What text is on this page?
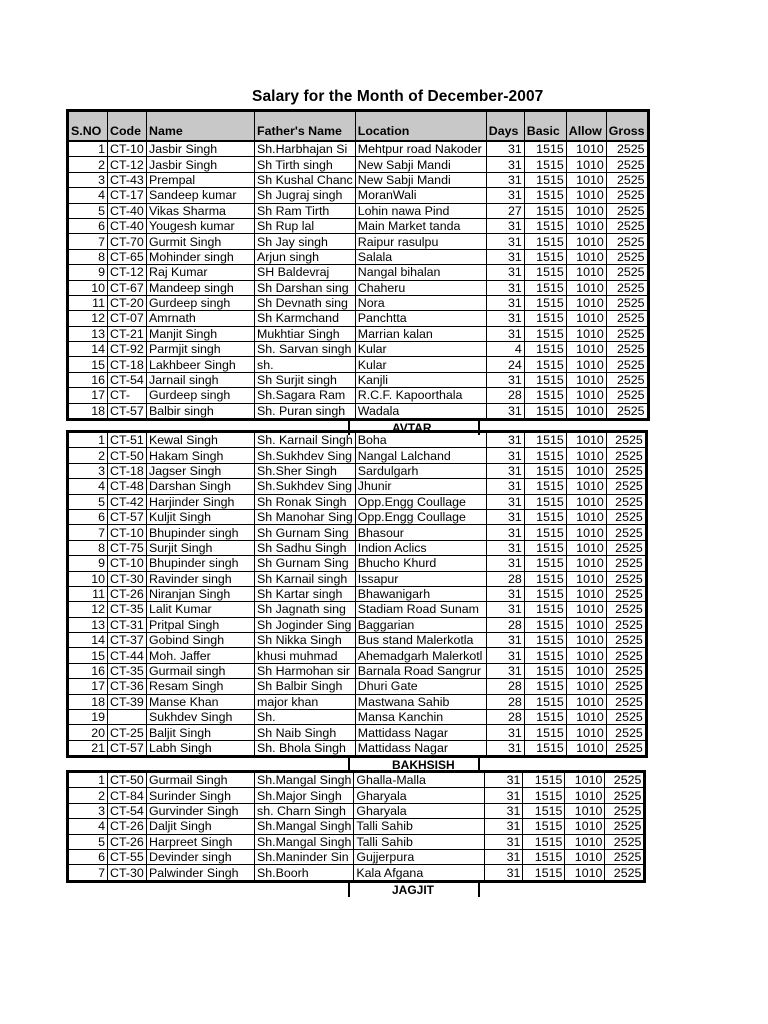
Salary for the Month of December-2007
S.NO	Code	Name	Father's Name	Location	Days	Basic	Allow	Gross
1	CT-10	Jasbir Singh	Sh.Harbhajan Si	Mehtpur road Nakoder	31	1515	1010	2525
2	CT-12	Jasbir Singh	Sh Tirth singh	New Sabji Mandi	31	1515	1010	2525
3	CT-43	Prempal	Sh Kushal Chanc	New Sabji Mandi	31	1515	1010	2525
4	CT-17	Sandeep kumar	Sh Jugraj singh	MoranWali	31	1515	1010	2525
5	CT-40	Vikas Sharma	Sh Ram Tirth	Lohin nawa Pind	27	1515	1010	2525
6	CT-40	Yougesh kumar	Sh Rup lal	Main Market tanda	31	1515	1010	2525
7	CT-70	Gurmit Singh	Sh Jay singh	Raipur rasulpu	31	1515	1010	2525
8	CT-65	Mohinder singh	Arjun singh	Salala	31	1515	1010	2525
9	CT-12	Raj Kumar	SH Baldevraj	Nangal bihalan	31	1515	1010	2525
10	CT-67	Mandeep singh	Sh Darshan sing	Chaheru	31	1515	1010	2525
11	CT-20	Gurdeep singh	Sh Devnath sing	Nora	31	1515	1010	2525
12	CT-07	Amrnath	Sh Karmchand	Panchtta	31	1515	1010	2525
13	CT-21	Manjit Singh	Mukhtiar Singh	Marrian kalan	31	1515	1010	2525
14	CT-92	Parmjit singh	Sh. Sarvan singh	Kular	4	1515	1010	2525
15	CT-18	Lakhbeer Singh	sh.	Kular	24	1515	1010	2525
16	CT-54	Jarnail singh	Sh Surjit singh	Kanjli	31	1515	1010	2525
17	CT-	Gurdeep singh	Sh.Sagara Ram	R.C.F. Kapoorthala	28	1515	1010	2525
18	CT-57	Balbir singh	Sh. Puran singh	Wadala	31	1515	1010	2525
AVTAR
1	CT-51	Kewal Singh	Sh. Karnail Singh	Boha	31	1515	1010	2525
2	CT-50	Hakam Singh	Sh.Sukhdev Sing	Nangal Lalchand	31	1515	1010	2525
3	CT-18	Jagser Singh	Sh.Sher Singh	Sardulgarh	31	1515	1010	2525
4	CT-48	Darshan Singh	Sh.Sukhdev Sing	Jhunir	31	1515	1010	2525
5	CT-42	Harjinder Singh	Sh Ronak Singh	Opp.Engg Coullage	31	1515	1010	2525
6	CT-57	Kuljit Singh	Sh Manohar Sing	Opp.Engg Coullage	31	1515	1010	2525
7	CT-10	Bhupinder singh	Sh Gurnam Sing	Bhasour	31	1515	1010	2525
8	CT-75	Surjit Singh	Sh Sadhu Singh	Indion Aclics	31	1515	1010	2525
9	CT-10	Bhupinder singh	Sh Gurnam Sing	Bhucho Khurd	31	1515	1010	2525
10	CT-30	Ravinder singh	Sh Karnail singh	Issapur	28	1515	1010	2525
11	CT-26	Niranjan Singh	Sh Kartar singh	Bhawanigarh	31	1515	1010	2525
12	CT-35	Lalit Kumar	Sh Jagnath sing	Stadiam Road Sunam	31	1515	1010	2525
13	CT-31	Pritpal Singh	Sh Joginder Sing	Baggarian	28	1515	1010	2525
14	CT-37	Gobind Singh	Sh Nikka Singh	Bus stand Malerkotla	31	1515	1010	2525
15	CT-44	Moh. Jaffer	khusi muhmad	Ahemadgarh Malerkotl	31	1515	1010	2525
16	CT-35	Gurmail singh	Sh Harmohan sir	Barnala Road Sangrur	31	1515	1010	2525
17	CT-36	Resam Singh	Sh Balbir Singh	Dhuri Gate	28	1515	1010	2525
18	CT-39	Manse Khan	major khan	Mastwana Sahib	28	1515	1010	2525
19		Sukhdev Singh	Sh.	Mansa Kanchin	28	1515	1010	2525
20	CT-25	Baljit Singh	Sh Naib Singh	Mattidass Nagar	31	1515	1010	2525
21	CT-57	Labh Singh	Sh. Bhola Singh	Mattidass Nagar	31	1515	1010	2525
BAKHSISH
1	CT-50	Gurmail Singh	Sh.Mangal Singh	Ghalla-Malla	31	1515	1010	2525
2	CT-84	Surinder Singh	Sh.Major Singh	Gharyala	31	1515	1010	2525
3	CT-54	Gurvinder Singh	sh. Charn Singh	Gharyala	31	1515	1010	2525
4	CT-26	Daljit Singh	Sh.Mangal Singh	Talli Sahib	31	1515	1010	2525
5	CT-26	Harpreet Singh	Sh.Mangal Singh	Talli Sahib	31	1515	1010	2525
6	CT-55	Devinder singh	Sh.Maninder Sin	Gujjerpura	31	1515	1010	2525
7	CT-30	Palwinder Singh	Sh.Boorh	Kala Afgana	31	1515	1010	2525
JAGJIT
